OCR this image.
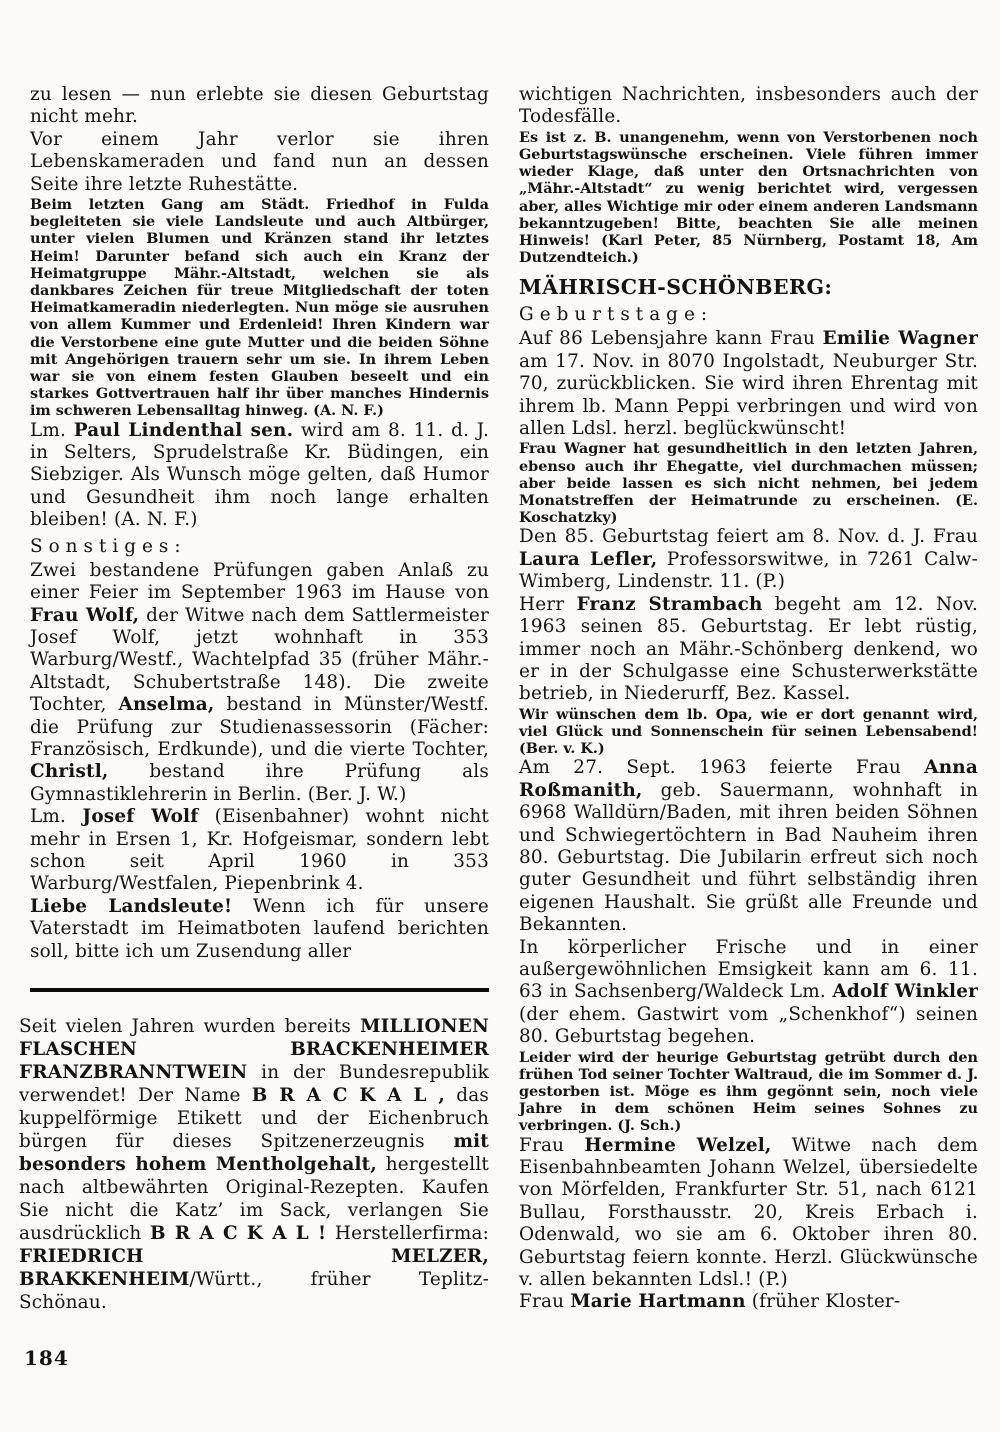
zu lesen — nun erlebte sie diesen Geburtstag nicht mehr.

Vor einem Jahr verlor sie ihren Lebenskameraden und fand nun an dessen Seite ihre letzte Ruhestätte.

Beim letzten Gang am Städt. Friedhof in Fulda begleiteten sie viele Landsleute und auch Altbürger, unter vielen Blumen und Kränzen stand ihr letztes Heim! Darunter befand sich auch ein Kranz der Heimatgruppe Mähr.-Altstadt, welchen sie als dankbares Zeichen für treue Mitgliedschaft der toten Heimatkameradin niederlegten. Nun möge sie ausruhen von allem Kummer und Erdenleid! Ihren Kindern war die Verstorbene eine gute Mutter und die beiden Söhne mit Angehörigen trauern sehr um sie. In ihrem Leben war sie von einem festen Glauben beseelt und ein starkes Gottvertrauen half ihr über manches Hindernis im schweren Lebensalltag hinweg. (A. N. F.)

Lm. Paul Lindenthal sen. wird am 8. 11. d. J. in Selters, Sprudelstraße Kr. Büdingen, ein Siebziger. Als Wunsch möge gelten, daß Humor und Gesundheit ihm noch lange erhalten bleiben! (A. N. F.)

Sonstiges:

Zwei bestandene Prüfungen gaben Anlaß zu einer Feier im September 1963 im Hause von Frau Wolf, der Witwe nach dem Sattlermeister Josef Wolf, jetzt wohnhaft in 353 Warburg/Westf., Wachtelpfad 35 (früher Mähr.-Altstadt, Schubertstraße 148). Die zweite Tochter, Anselma, bestand in Münster/Westf. die Prüfung zur Studienassessorin (Fächer: Französisch, Erdkunde), und die vierte Tochter, Christl, bestand ihre Prüfung als Gymnastiklehrerin in Berlin. (Ber. J. W.)

Lm. Josef Wolf (Eisenbahner) wohnt nicht mehr in Ersen 1, Kr. Hofgeismar, sondern lebt schon seit April 1960 in 353 Warburg/Westfalen, Piepenbrink 4.

Liebe Landsleute! Wenn ich für unsere Vaterstadt im Heimatboten laufend berichten soll, bitte ich um Zusendung aller

Seit vielen Jahren wurden bereits MILLIONEN FLASCHEN BRACKENHEIMER FRANZBRANNTWEIN in der Bundesrepublik verwendet! Der Name B R A C K A L , das kuppelförmige Etikett und der Eichenbruch bürgen für dieses Spitzenerzeugnis mit besonders hohem Mentholgehalt, hergestellt nach altbewährten Original-Rezepten. Kaufen Sie nicht die Katz’ im Sack, verlangen Sie ausdrücklich B R A C K A L ! Herstellerfirma: FRIEDRICH MELZER, BRAKKENHEIM/Württ., früher Teplitz-Schönau.

wichtigen Nachrichten, insbesonders auch der Todesfälle.

Es ist z. B. unangenehm, wenn von Verstorbenen noch Geburtstagswünsche erscheinen. Viele führen immer wieder Klage, daß unter den Ortsnachrichten von „Mähr.-Altstadt“ zu wenig berichtet wird, vergessen aber, alles Wichtige mir oder einem anderen Landsmann bekanntzugeben! Bitte, beachten Sie alle meinen Hinweis! (Karl Peter, 85 Nürnberg, Postamt 18, Am Dutzendteich.)

MÄHRISCH-SCHÖNBERG:
Geburtstage:

Auf 86 Lebensjahre kann Frau Emilie Wagner am 17. Nov. in 8070 Ingolstadt, Neuburger Str. 70, zurückblicken. Sie wird ihren Ehrentag mit ihrem lb. Mann Peppi verbringen und wird von allen Ldsl. herzl. beglückwünscht!

Frau Wagner hat gesundheitlich in den letzten Jahren, ebenso auch ihr Ehegatte, viel durchmachen müssen; aber beide lassen es sich nicht nehmen, bei jedem Monatstreffen der Heimatrunde zu erscheinen. (E. Koschatzky)

Den 85. Geburtstag feiert am 8. Nov. d. J. Frau Laura Lefler, Professorswitwe, in 7261 Calw-Wimberg, Lindenstr. 11. (P.)

Herr Franz Strambach begeht am 12. Nov. 1963 seinen 85. Geburtstag. Er lebt rüstig, immer noch an Mähr.-Schönberg denkend, wo er in der Schulgasse eine Schusterwerkstätte betrieb, in Niederurff, Bez. Kassel.

Wir wünschen dem lb. Opa, wie er dort genannt wird, viel Glück und Sonnenschein für seinen Lebensabend! (Ber. v. K.)

Am 27. Sept. 1963 feierte Frau Anna Roßmanith, geb. Sauermann, wohnhaft in 6968 Walldürn/Baden, mit ihren beiden Söhnen und Schwiegertöchtern in Bad Nauheim ihren 80. Geburtstag. Die Jubilarin erfreut sich noch guter Gesundheit und führt selbständig ihren eigenen Haushalt. Sie grüßt alle Freunde und Bekannten.

In körperlicher Frische und in einer außergewöhnlichen Emsigkeit kann am 6. 11. 63 in Sachsenberg/Waldeck Lm. Adolf Winkler (der ehem. Gastwirt vom „Schenkhof“) seinen 80. Geburtstag begehen.

Leider wird der heurige Geburtstag getrübt durch den frühen Tod seiner Tochter Waltraud, die im Sommer d. J. gestorben ist. Möge es ihm gegönnt sein, noch viele Jahre in dem schönen Heim seines Sohnes zu verbringen. (J. Sch.)

Frau Hermine Welzel, Witwe nach dem Eisenbahnbeamten Johann Welzel, übersiedelte von Mörfelden, Frankfurter Str. 51, nach 6121 Bullau, Forsthausstr. 20, Kreis Erbach i. Odenwald, wo sie am 6. Oktober ihren 80. Geburtstag feiern konnte. Herzl. Glückwünsche v. allen bekannten Ldsl.! (P.)

Frau Marie Hartmann (früher Kloster-

184
